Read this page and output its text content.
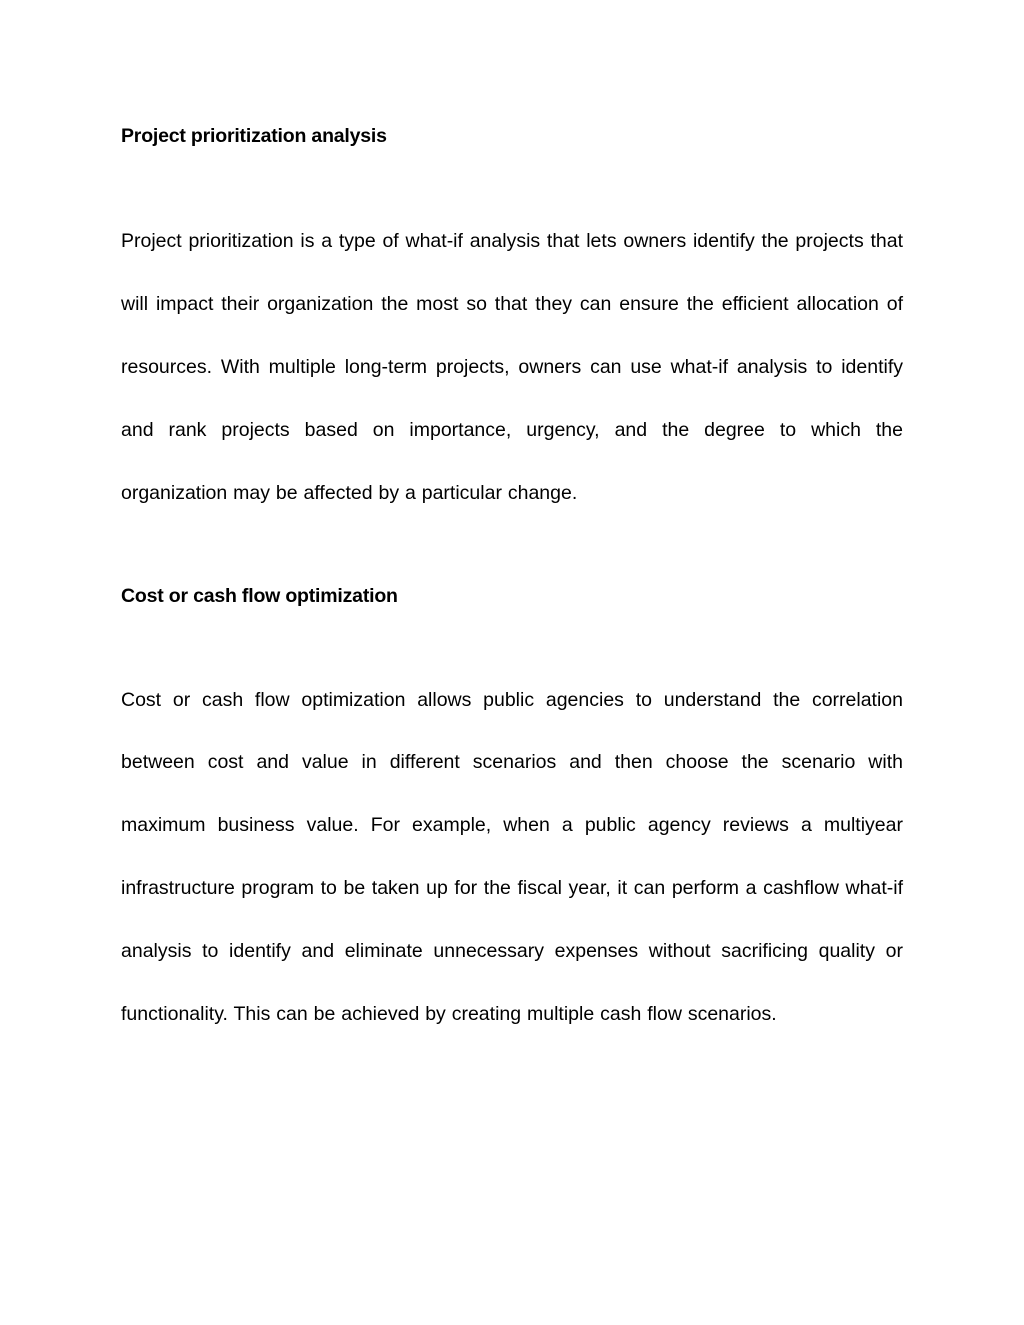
Project prioritization analysis

Project prioritization is a type of what-if analysis that lets owners identify the projects that will impact their organization the most so that they can ensure the efficient allocation of resources. With multiple long-term projects, owners can use what-if analysis to identify and rank projects based on importance, urgency, and the degree to which the organization may be affected by a particular change.

Cost or cash flow optimization

Cost or cash flow optimization allows public agencies to understand the correlation between cost and value in different scenarios and then choose the scenario with maximum business value. For example, when a public agency reviews a multiyear infrastructure program to be taken up for the fiscal year, it can perform a cashflow what-if analysis to identify and eliminate unnecessary expenses without sacrificing quality or functionality. This can be achieved by creating multiple cash flow scenarios.
